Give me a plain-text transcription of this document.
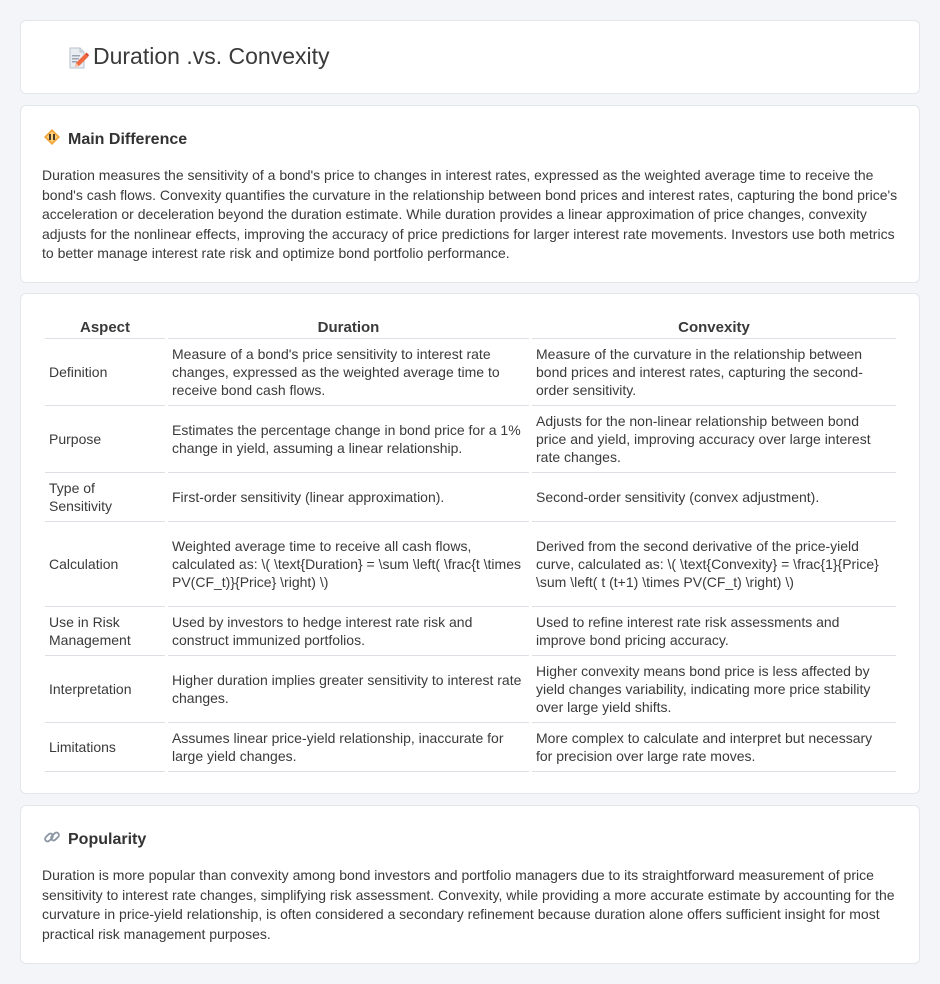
Duration .vs. Convexity
Main Difference

Duration measures the sensitivity of a bond's price to changes in interest rates, expressed as the weighted average time to receive the bond's cash flows. Convexity quantifies the curvature in the relationship between bond prices and interest rates, capturing the bond price's acceleration or deceleration beyond the duration estimate. While duration provides a linear approximation of price changes, convexity adjusts for the nonlinear effects, improving the accuracy of price predictions for larger interest rate movements. Investors use both metrics to better manage interest rate risk and optimize bond portfolio performance.

Aspect	Duration	Convexity
Definition	Measure of a bond's price sensitivity to interest rate changes, expressed as the weighted average time to receive bond cash flows.	Measure of the curvature in the relationship between bond prices and interest rates, capturing the second-order sensitivity.
Purpose	Estimates the percentage change in bond price for a 1% change in yield, assuming a linear relationship.	Adjusts for the non-linear relationship between bond price and yield, improving accuracy over large interest rate changes.
Type of Sensitivity	First-order sensitivity (linear approximation).	Second-order sensitivity (convex adjustment).
Calculation	Weighted average time to receive all cash flows, calculated as: \( \text{Duration} = \sum \left( \frac{t \times PV(CF_t)}{Price} \right) \)	Derived from the second derivative of the price-yield curve, calculated as: \( \text{Convexity} = \frac{1}{Price} \sum \left( t (t+1) \times PV(CF_t) \right) \)
Use in Risk Management	Used by investors to hedge interest rate risk and construct immunized portfolios.	Used to refine interest rate risk assessments and improve bond pricing accuracy.
Interpretation	Higher duration implies greater sensitivity to interest rate changes.	Higher convexity means bond price is less affected by yield changes variability, indicating more price stability over large yield shifts.
Limitations	Assumes linear price-yield relationship, inaccurate for large yield changes.	More complex to calculate and interpret but necessary for precision over large rate moves.
Popularity

Duration is more popular than convexity among bond investors and portfolio managers due to its straightforward measurement of price sensitivity to interest rate changes, simplifying risk assessment. Convexity, while providing a more accurate estimate by accounting for the curvature in price-yield relationship, is often considered a secondary refinement because duration alone offers sufficient insight for most practical risk management purposes.
